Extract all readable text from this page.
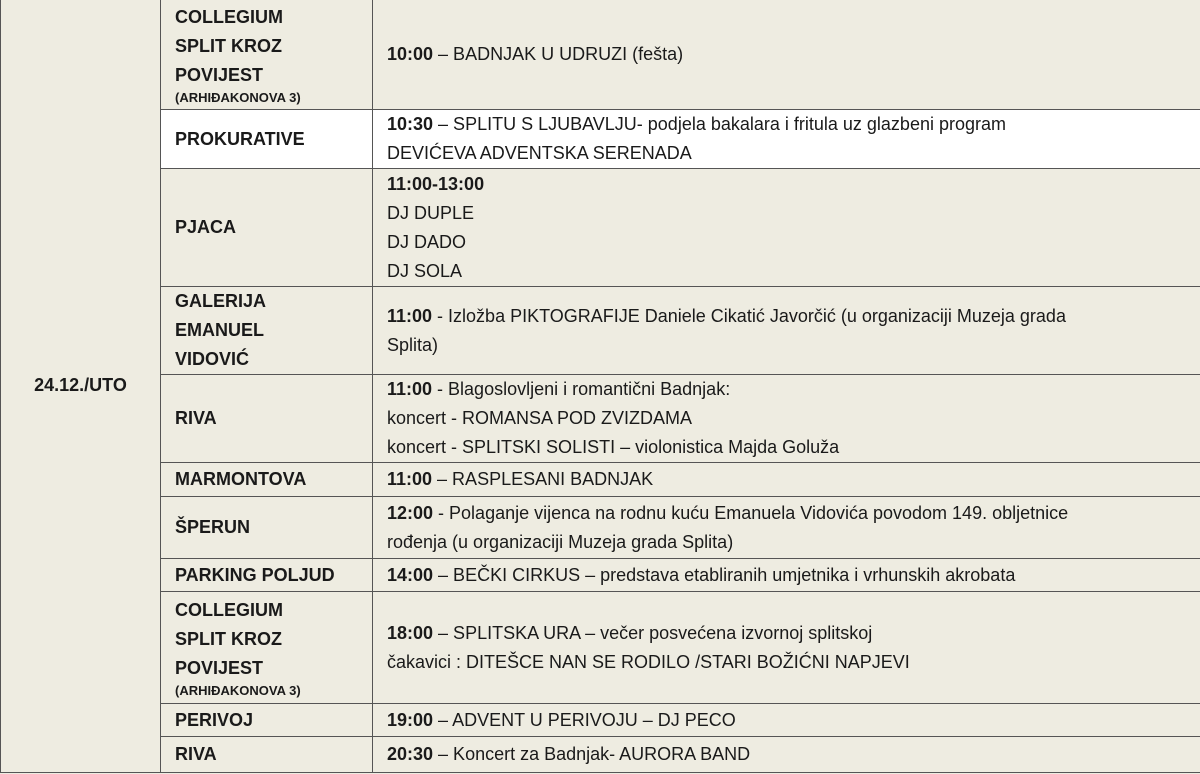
24.12./UTO	COLLEGIUM
SPLIT KROZ
POVIJEST
(ARHIĐAKONOVA 3)	10:00 – BADNJAK U UDRUZI (fešta)

	PROKURATIVE	10:30 – SPLITU S LJUBAVLJU- podjela bakalara i fritula uz glazbeni program
DEVIĆEVA ADVENTSKA SERENADA

	PJACA	11:00-13:00
DJ DUPLE
DJ DADO
DJ SOLA

	GALERIJA
EMANUEL
VIDOVIĆ	11:00 - Izložba PIKTOGRAFIJE Daniele Cikatić Javorčić (u organizaciji Muzeja grada
Splita)

	RIVA	11:00 - Blagoslovljeni i romantični Badnjak:
koncert - ROMANSA POD ZVIZDAMA
koncert - SPLITSKI SOLISTI – violonistica Majda Goluža

	MARMONTOVA	11:00 – RASPLESANI BADNJAK

	ŠPERUN	12:00 - Polaganje vijenca na rodnu kuću Emanuela Vidovića povodom 149. obljetnice
rođenja (u organizaciji Muzeja grada Splita)

	PARKING POLJUD	14:00 – BEČKI CIRKUS – predstava etabliranih umjetnika i vrhunskih akrobata

	COLLEGIUM
SPLIT KROZ
POVIJEST
(ARHIĐAKONOVA 3)	18:00 – SPLITSKA URA – večer posvećena izvornoj splitskoj
čakavici : DITEŠCE NAN SE RODILO /STARI BOŽIĆNI NAPJEVI

	PERIVOJ	19:00 – ADVENT U PERIVOJU – DJ PECO

	RIVA	20:30 – Koncert za Badnjak- AURORA BAND
